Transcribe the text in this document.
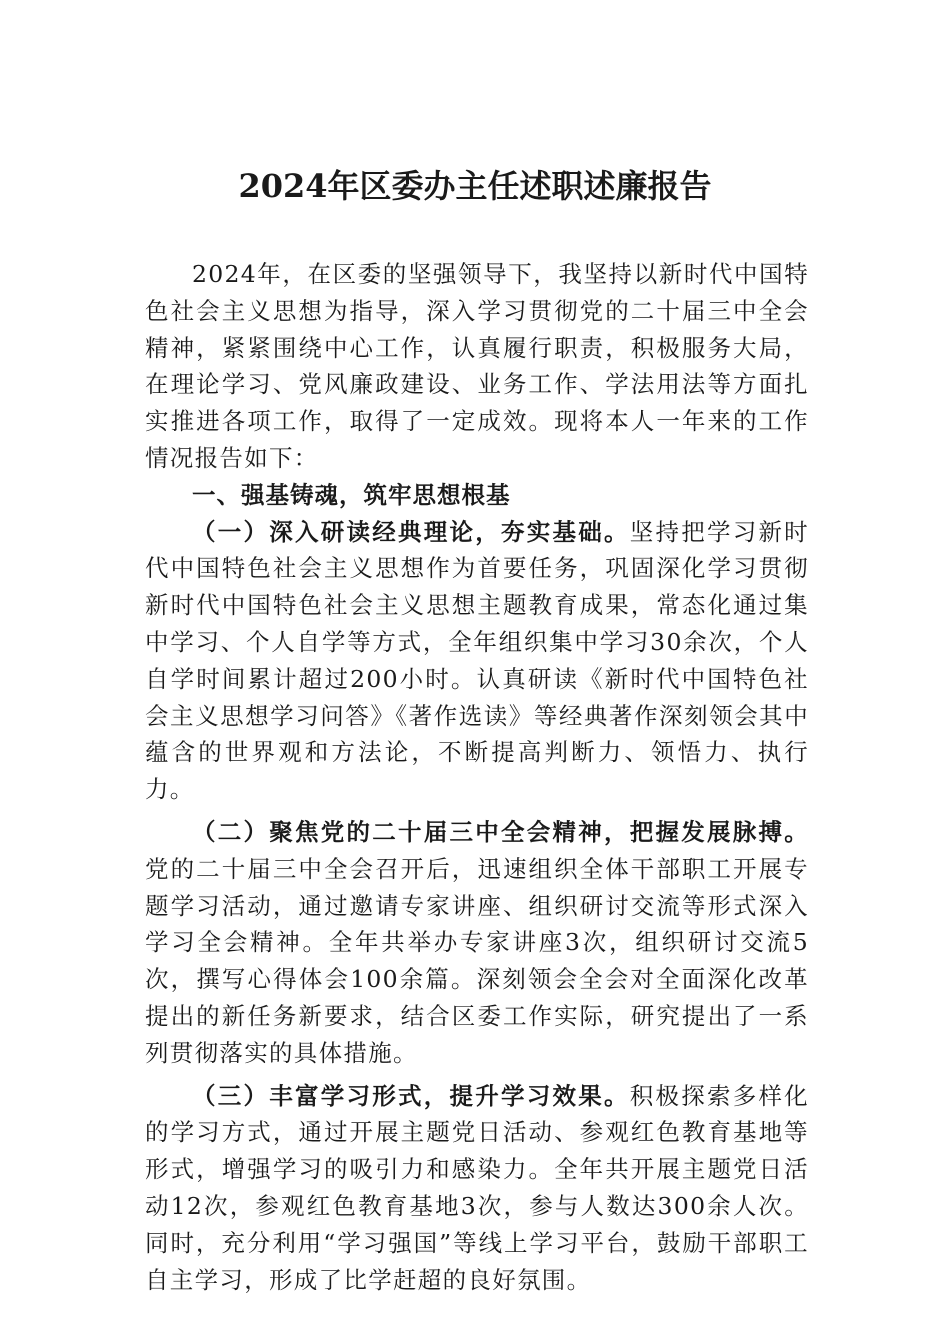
2024年区委办主任述职述廉报告

2024年，在区委的坚强领导下，我坚持以新时代中国特色社会主义思想为指导，深入学习贯彻党的二十届三中全会精神，紧紧围绕中心工作，认真履行职责，积极服务大局，在理论学习、党风廉政建设、业务工作、学法用法等方面扎实推进各项工作，取得了一定成效。现将本人一年来的工作情况报告如下：

一、强基铸魂，筑牢思想根基

（一）深入研读经典理论，夯实基础。坚持把学习新时代中国特色社会主义思想作为首要任务，巩固深化学习贯彻新时代中国特色社会主义思想主题教育成果，常态化通过集中学习、个人自学等方式，全年组织集中学习30余次，个人自学时间累计超过200小时。认真研读《新时代中国特色社会主义思想学习问答》《著作选读》等经典著作深刻领会其中蕴含的世界观和方法论，不断提高判断力、领悟力、执行力。

（二）聚焦党的二十届三中全会精神，把握发展脉搏。党的二十届三中全会召开后，迅速组织全体干部职工开展专题学习活动，通过邀请专家讲座、组织研讨交流等形式深入学习全会精神。全年共举办专家讲座3次，组织研讨交流5次，撰写心得体会100余篇。深刻领会全会对全面深化改革提出的新任务新要求，结合区委工作实际，研究提出了一系列贯彻落实的具体措施。

（三）丰富学习形式，提升学习效果。积极探索多样化的学习方式，通过开展主题党日活动、参观红色教育基地等形式，增强学习的吸引力和感染力。全年共开展主题党日活动12次，参观红色教育基地3次，参与人数达300余人次。同时，充分利用“学习强国”等线上学习平台，鼓励干部职工自主学习，形成了比学赶超的良好氛围。
